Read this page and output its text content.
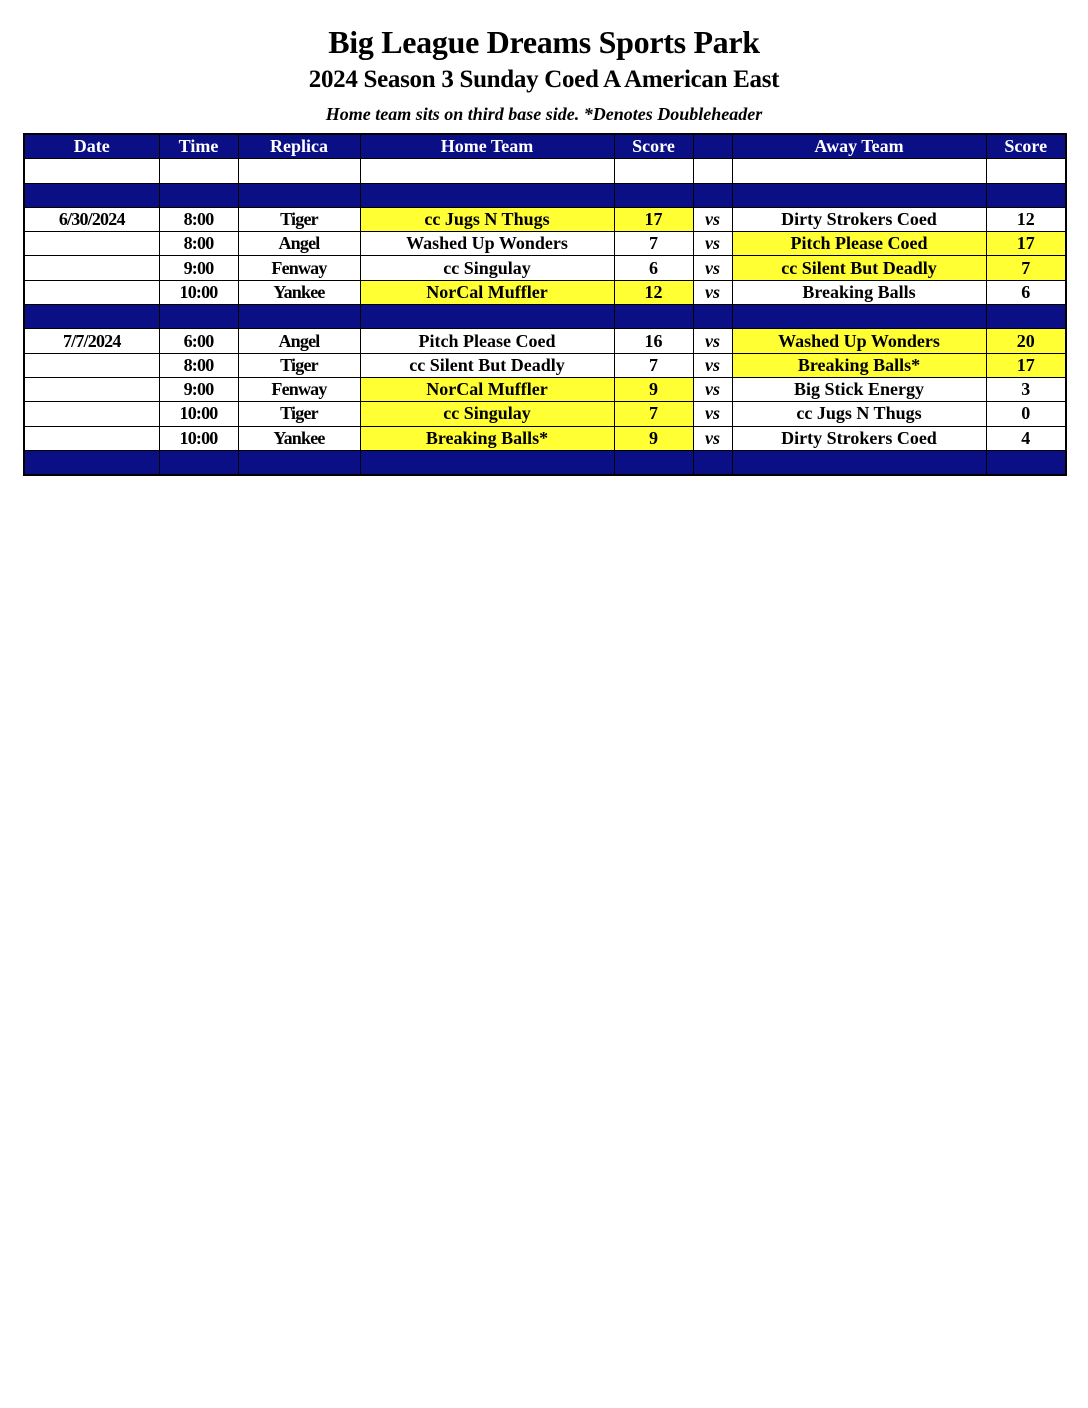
Big League Dreams Sports Park
2024 Season 3 Sunday Coed A American East
Home team sits on third base side. *Denotes Doubleheader
Date	Time	Replica	Home Team	Score		Away Team	Score

6/30/2024	8:00	Tiger	cc Jugs N Thugs	17	vs	Dirty Strokers Coed	12
	8:00	Angel	Washed Up Wonders	7	vs	Pitch Please Coed	17
	9:00	Fenway	cc Singulay	6	vs	cc Silent But Deadly	7
	10:00	Yankee	NorCal Muffler	12	vs	Breaking Balls	6

7/7/2024	6:00	Angel	Pitch Please Coed	16	vs	Washed Up Wonders	20
	8:00	Tiger	cc Silent But Deadly	7	vs	Breaking Balls*	17
	9:00	Fenway	NorCal Muffler	9	vs	Big Stick Energy	3
	10:00	Tiger	cc Singulay	7	vs	cc Jugs N Thugs	0
	10:00	Yankee	Breaking Balls*	9	vs	Dirty Strokers Coed	4
